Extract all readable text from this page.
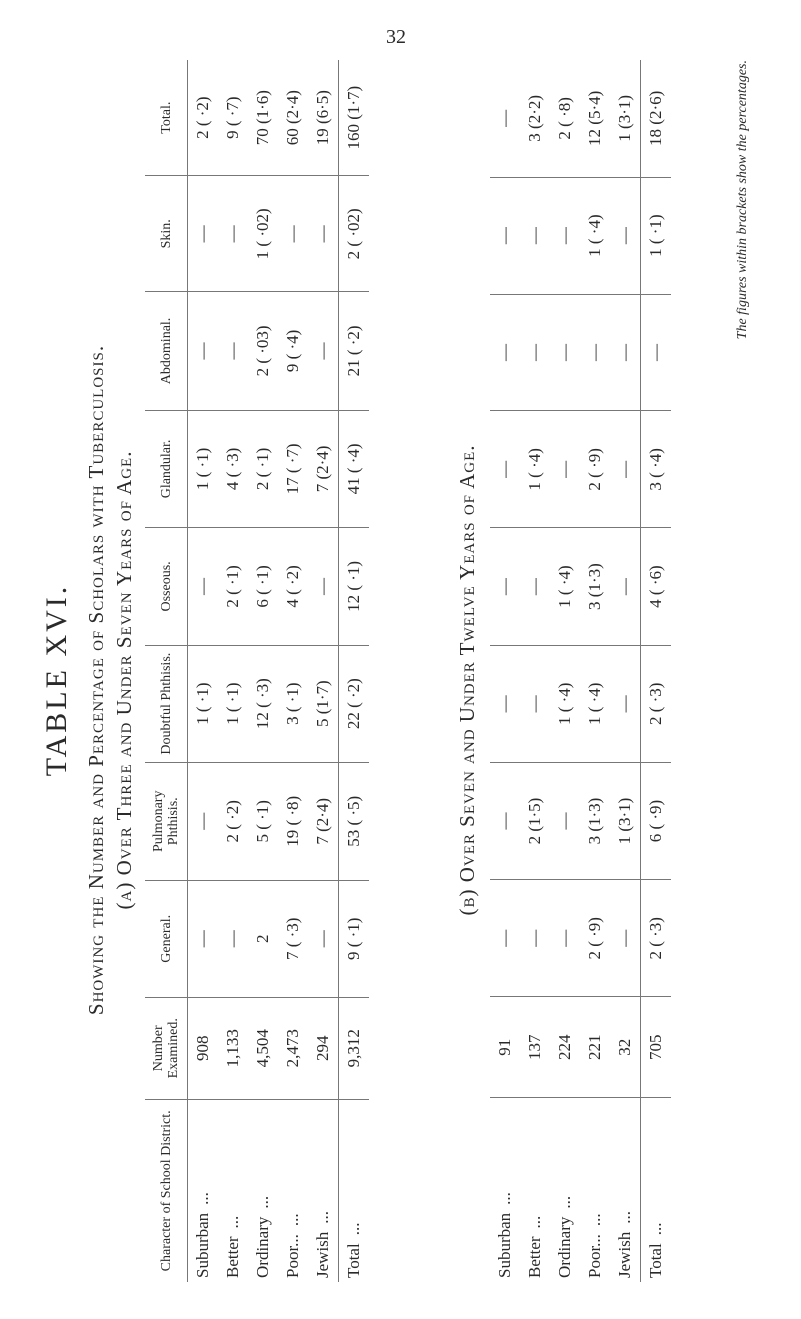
32
TABLE XVI. Showing the Number and Percentage of Scholars with Tuberculosis. (a) Over Three and Under Seven Years of Age.
Character of School District.	Number Examined.	General.	Pulmonary Phthisis.	Doubtful Phthisis.	Osseous.	Glandular.	Abdominal.	Skin.	Total.
Suburban...	908	—	—	1 ( ·1)	—	1 ( ·1)	—	—	2 ( ·2)
Better...	1,133	—	2 ( ·2)	1 ( ·1)	2 ( ·1)	4 ( ·3)	—	—	9 ( ·7)
Ordinary...	4,504	2	5 ( ·1)	12 ( ·3)	6 ( ·1)	2 ( ·1)	2 ( ·03)	1 ( ·02)	70 (1·6)
Poor......	2,473	7 ( ·3)	19 ( ·8)	3 ( ·1)	4 ( ·2)	17 ( ·7)	9 ( ·4)	—	60 (2·4)
Jewish...	294	—	7 (2·4)	5 (1·7)	—	7 (2·4)	—	—	19 (6·5)
Total...	9,312	9 ( ·1)	53 ( ·5)	22 ( ·2)	12 ( ·1)	41 ( ·4)	21 ( ·2)	2 ( ·02)	160 (1·7)
(b) Over Seven and Under Twelve Years of Age.
Suburban...	91	—	—	—	—	—	—	—	—
Better...	137	—	2 (1·5)	—	—	1 ( ·4)	—	—	3 (2·2)
Ordinary...	224	—	—	1 ( ·4)	1 ( ·4)	—	—	—	2 ( ·8)
Poor......	221	2 ( ·9)	3 (1·3)	1 ( ·4)	3 (1·3)	2 ( ·9)	—	1 ( ·4)	12 (5·4)
Jewish...	32	—	1 (3·1)	—	—	—	—	—	1 (3·1)
Total...	705	2 ( ·3)	6 ( ·9)	2 ( ·3)	4 ( ·6)	3 ( ·4)	—	1 ( ·1)	18 (2·6)	The figures within brackets show the percentages.
